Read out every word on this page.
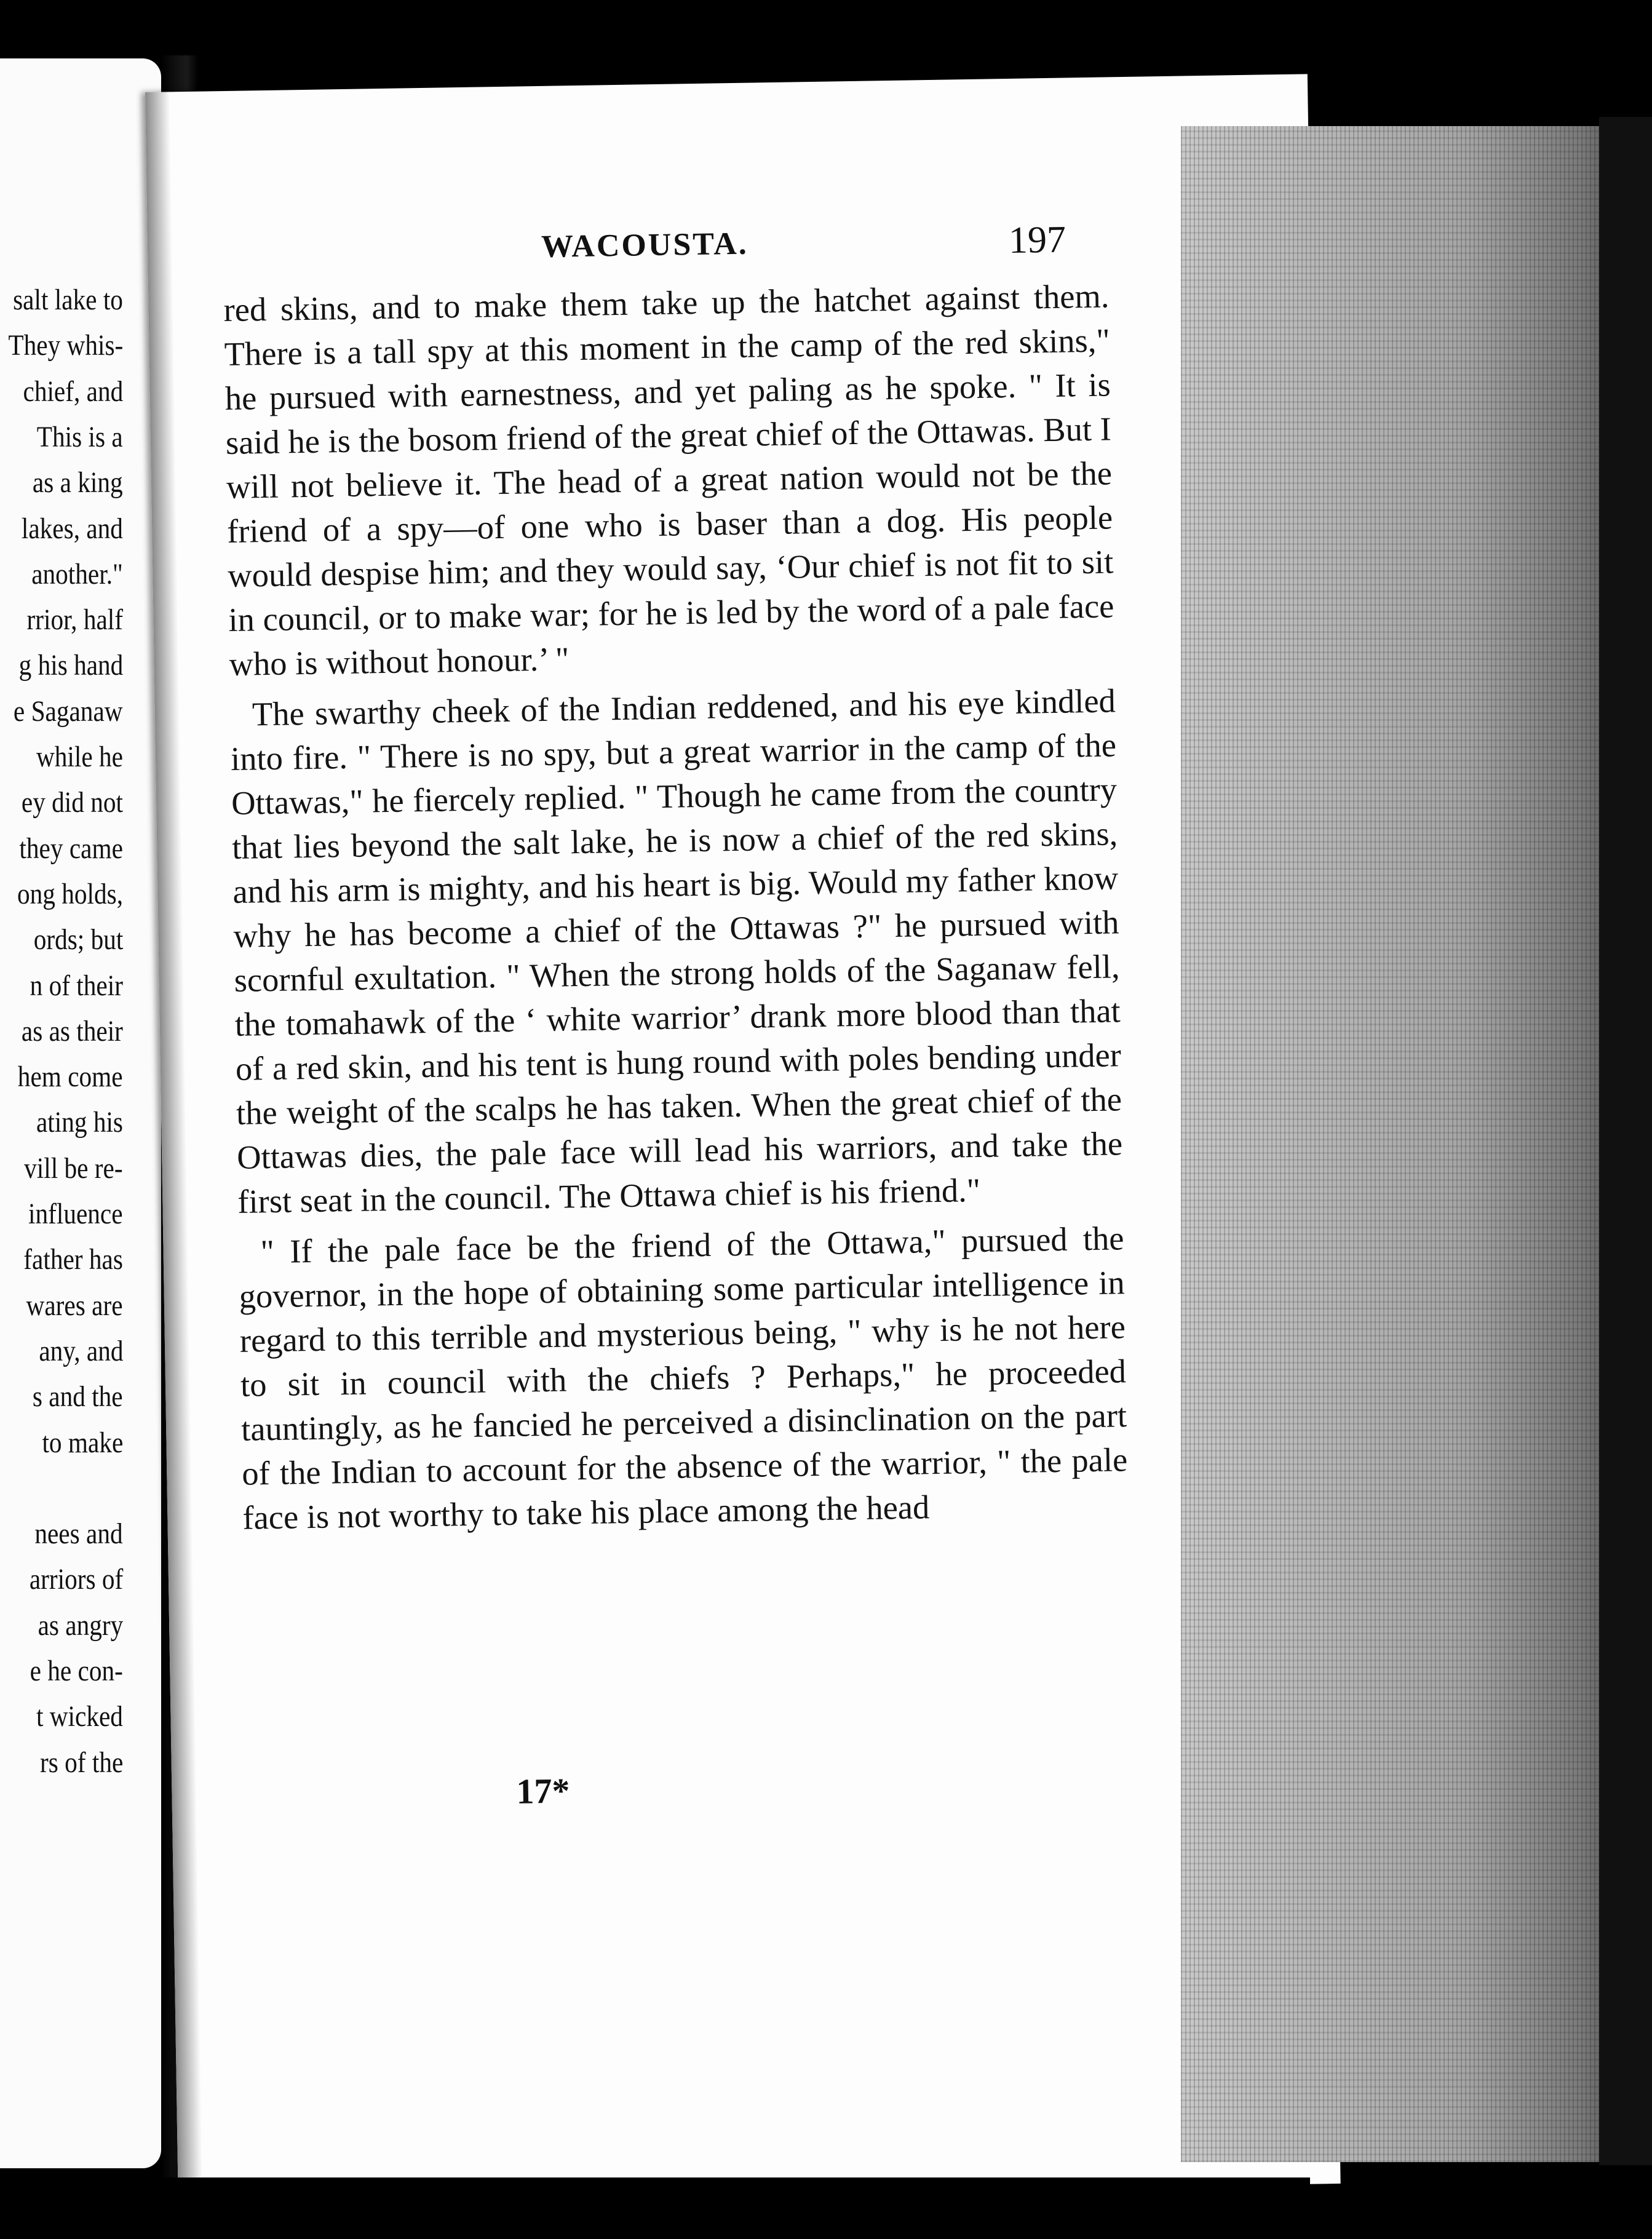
salt lake to
They whis-
chief, and
This is a
as a king
lakes, and
another."
rrior, half
g his hand
e Saganaw
while he
ey did not
they came
ong holds,
ords; but
n of their
as as their
hem come
ating his
vill be re-
influence
father has
wares are
any, and
s and the
to make
nees and
arriors of
as angry
e he con-
t wicked
rs of the
WACOUSTA.	197

red skins, and to make them take up the hatchet against them. There is a tall spy at this moment in the camp of the red skins," he pursued with earnestness, and yet paling as he spoke. " It is said he is the bosom friend of the great chief of the Ottawas. But I will not believe it. The head of a great nation would not be the friend of a spy—of one who is baser than a dog. His people would despise him; and they would say, ‘Our chief is not fit to sit in council, or to make war; for he is led by the word of a pale face who is without honour.’ "

The swarthy cheek of the Indian reddened, and his eye kindled into fire. " There is no spy, but a great warrior in the camp of the Ottawas," he fiercely replied. " Though he came from the country that lies beyond the salt lake, he is now a chief of the red skins, and his arm is mighty, and his heart is big. Would my father know why he has become a chief of the Ottawas ?" he pursued with scornful exultation. " When the strong holds of the Saganaw fell, the tomahawk of the ‘ white warrior’ drank more blood than that of a red skin, and his tent is hung round with poles bending under the weight of the scalps he has taken. When the great chief of the Ottawas dies, the pale face will lead his warriors, and take the first seat in the council. The Ottawa chief is his friend."

" If the pale face be the friend of the Ottawa," pursued the governor, in the hope of obtaining some particular intelligence in regard to this terrible and mysterious being, " why is he not here to sit in council with the chiefs ? Perhaps," he proceeded tauntingly, as he fancied he perceived a disinclination on the part of the Indian to account for the absence of the warrior, " the pale face is not worthy to take his place among the head

17*
